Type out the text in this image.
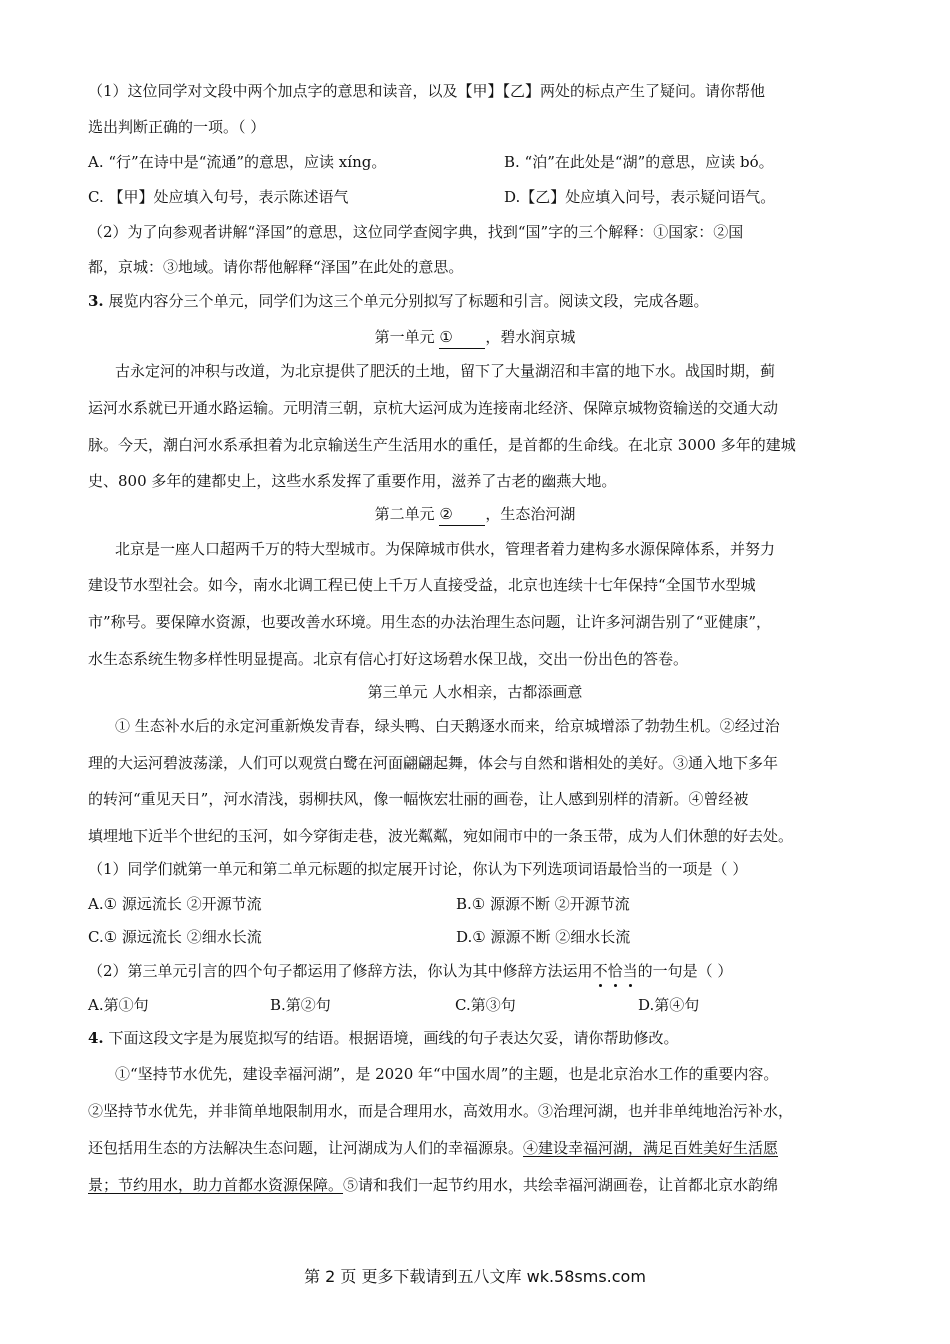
（1）这位同学对文段中两个加点字的意思和读音，以及【甲】【乙】两处的标点产生了疑问。请你帮他
选出判断正确的一项。（ ）
A. “行”在诗中是“流通”的意思，应读 xíng。	B. “泊”在此处是“湖”的意思，应读 bó。
C. 【甲】处应填入句号，表示陈述语气	D.【乙】处应填入问号，表示疑问语气。
（2）为了向参观者讲解“泽国”的意思，这位同学查阅字典，找到“国”字的三个解释：①国家：②国
都，京城：③地域。请你帮他解释“泽国”在此处的意思。
3. 展览内容分三个单元，同学们为这三个单元分别拟写了标题和引言。阅读文段，完成各题。
第一单元 ① ，碧水润京城
古永定河的冲积与改道，为北京提供了肥沃的土地，留下了大量湖沼和丰富的地下水。战国时期，蓟
运河水系就已开通水路运输。元明清三朝，京杭大运河成为连接南北经济、保障京城物资输送的交通大动
脉。今天，潮白河水系承担着为北京输送生产生活用水的重任，是首都的生命线。在北京 3000 多年的建城
史、800 多年的建都史上，这些水系发挥了重要作用，滋养了古老的幽燕大地。
第二单元 ② ，生态治河湖
北京是一座人口超两千万的特大型城市。为保障城市供水，管理者着力建构多水源保障体系，并努力
建设节水型社会。如今，南水北调工程已使上千万人直接受益，北京也连续十七年保持“全国节水型城
市”称号。要保障水资源，也要改善水环境。用生态的办法治理生态问题，让许多河湖告别了“亚健康”，
水生态系统生物多样性明显提高。北京有信心打好这场碧水保卫战，交出一份出色的答卷。
第三单元 人水相亲，古都添画意
① 生态补水后的永定河重新焕发青春，绿头鸭、白天鹅逐水而来，给京城增添了勃勃生机。②经过治
理的大运河碧波荡漾，人们可以观赏白鹭在河面翩翩起舞，体会与自然和谐相处的美好。③通入地下多年
的转河“重见天日”，河水清浅，弱柳扶风，像一幅恢宏壮丽的画卷，让人感到别样的清新。④曾经被
填埋地下近半个世纪的玉河，如今穿街走巷，波光粼粼，宛如闹市中的一条玉带，成为人们休憩的好去处。
（1）同学们就第一单元和第二单元标题的拟定展开讨论，你认为下列选项词语最恰当的一项是（ ）
A.① 源远流长 ②开源节流	B.① 源源不断 ②开源节流
C.① 源远流长 ②细水长流	D.① 源源不断 ②细水长流
（2）第三单元引言的四个句子都运用了修辞方法，你认为其中修辞方法运用不恰当的一句是（ ）
A.第①句	B.第②句	C.第③句	D.第④句
4. 下面这段文字是为展览拟写的结语。根据语境，画线的句子表达欠妥，请你帮助修改。
①“坚持节水优先，建设幸福河湖”，是 2020 年“中国水周”的主题，也是北京治水工作的重要内容。
②坚持节水优先，并非简单地限制用水，而是合理用水，高效用水。③治理河湖，也并非单纯地治污补水，
还包括用生态的方法解决生态问题，让河湖成为人们的幸福源泉。④建设幸福河湖，满足百姓美好生活愿
景；节约用水，助力首都水资源保障。⑤请和我们一起节约用水，共绘幸福河湖画卷，让首都北京水韵绵
第 2 页 更多下载请到五八文库 wk.58sms.com
